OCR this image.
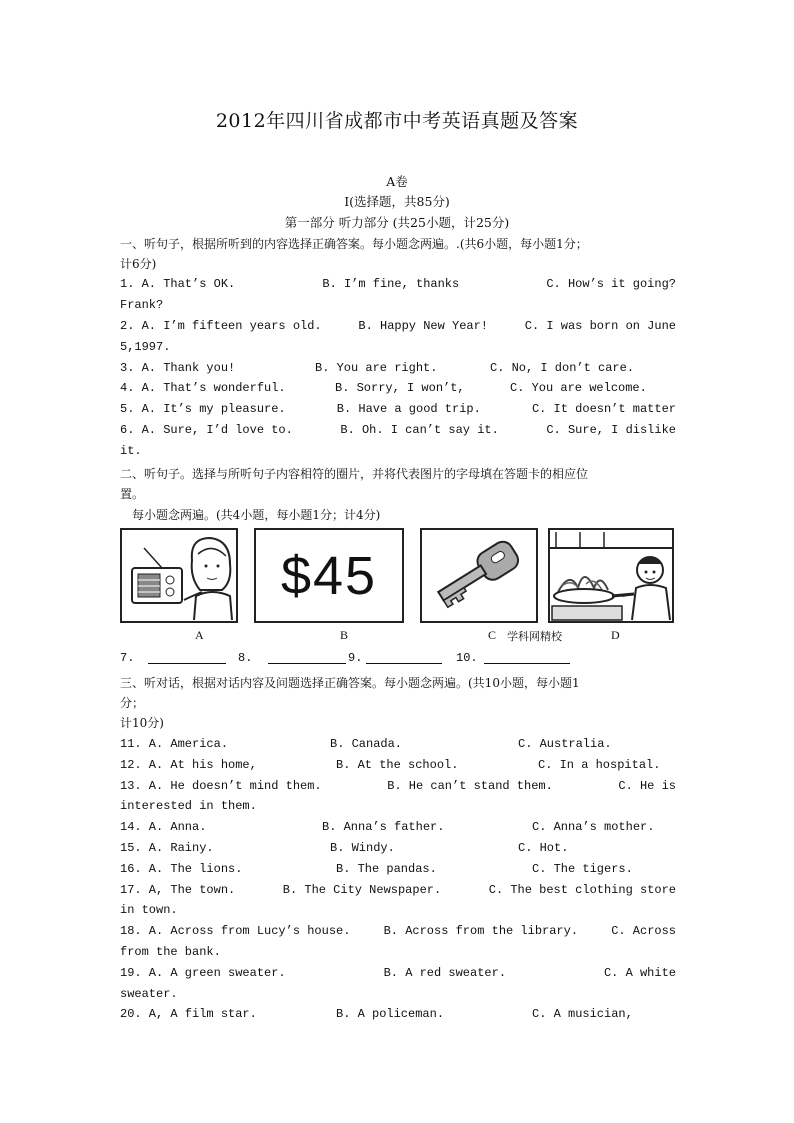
2012年四川省成都市中考英语真题及答案
A卷
I(选择题，共85分)
第一部分 听力部分 (共25小题，计25分)
一、听句子，根据所听到的内容选择正确答案。每小题念两遍。.(共6小题，每小题1分；
计6分)
1. A. That’s OK.	B. I’m fine, thanks	C. How’s it going?
Frank?
2. A. I’m fifteen years old.	B. Happy New Year!	C. I was born on June
5,1997.
3. A. Thank you!	B. You are right.	C. No, I don’t care.
4. A. That’s wonderful.	B. Sorry, I won’t,	C. You are welcome.
5. A. It’s my pleasure.	B. Have a good trip.	C. It doesn’t matter
6. A. Sure, I’d love to.	B. Oh. I can’t say it.	C. Sure, I dislike
it.
二、听句子。选择与所听句子内容相符的圈片，并将代表图片的字母填在答题卡的相应位
置。
每小题念两遍。(共4小题，每小题1分；计4分)
$45
A	B	C 学科网精校	D
7.	8.	9.	10.
三、听对话，根据对话内容及问题选择正确答案。每小题念两遍。(共10小题，每小题1
分；
计10分)
11. A. America.	B. Canada.	C. Australia.
12. A. At his home,	B. At the school.	C. In a hospital.
13. A. He doesn’t mind them.	B. He can’t stand them.	C. He is
interested in them.
14. A. Anna.	B. Anna’s father.	C. Anna’s mother.
15. A. Rainy.	B. Windy.	C. Hot.
16. A. The lions.	B. The pandas.	C. The tigers.
17. A, The town.	B. The City Newspaper.	C. The best clothing store
in town.
18. A. Across from Lucy’s house.	B. Across from the library.	C. Across
from the bank.
19. A. A green sweater.	B. A red sweater.	C. A white
sweater.
20. A, A film star.	B. A policeman.	C. A musician,
